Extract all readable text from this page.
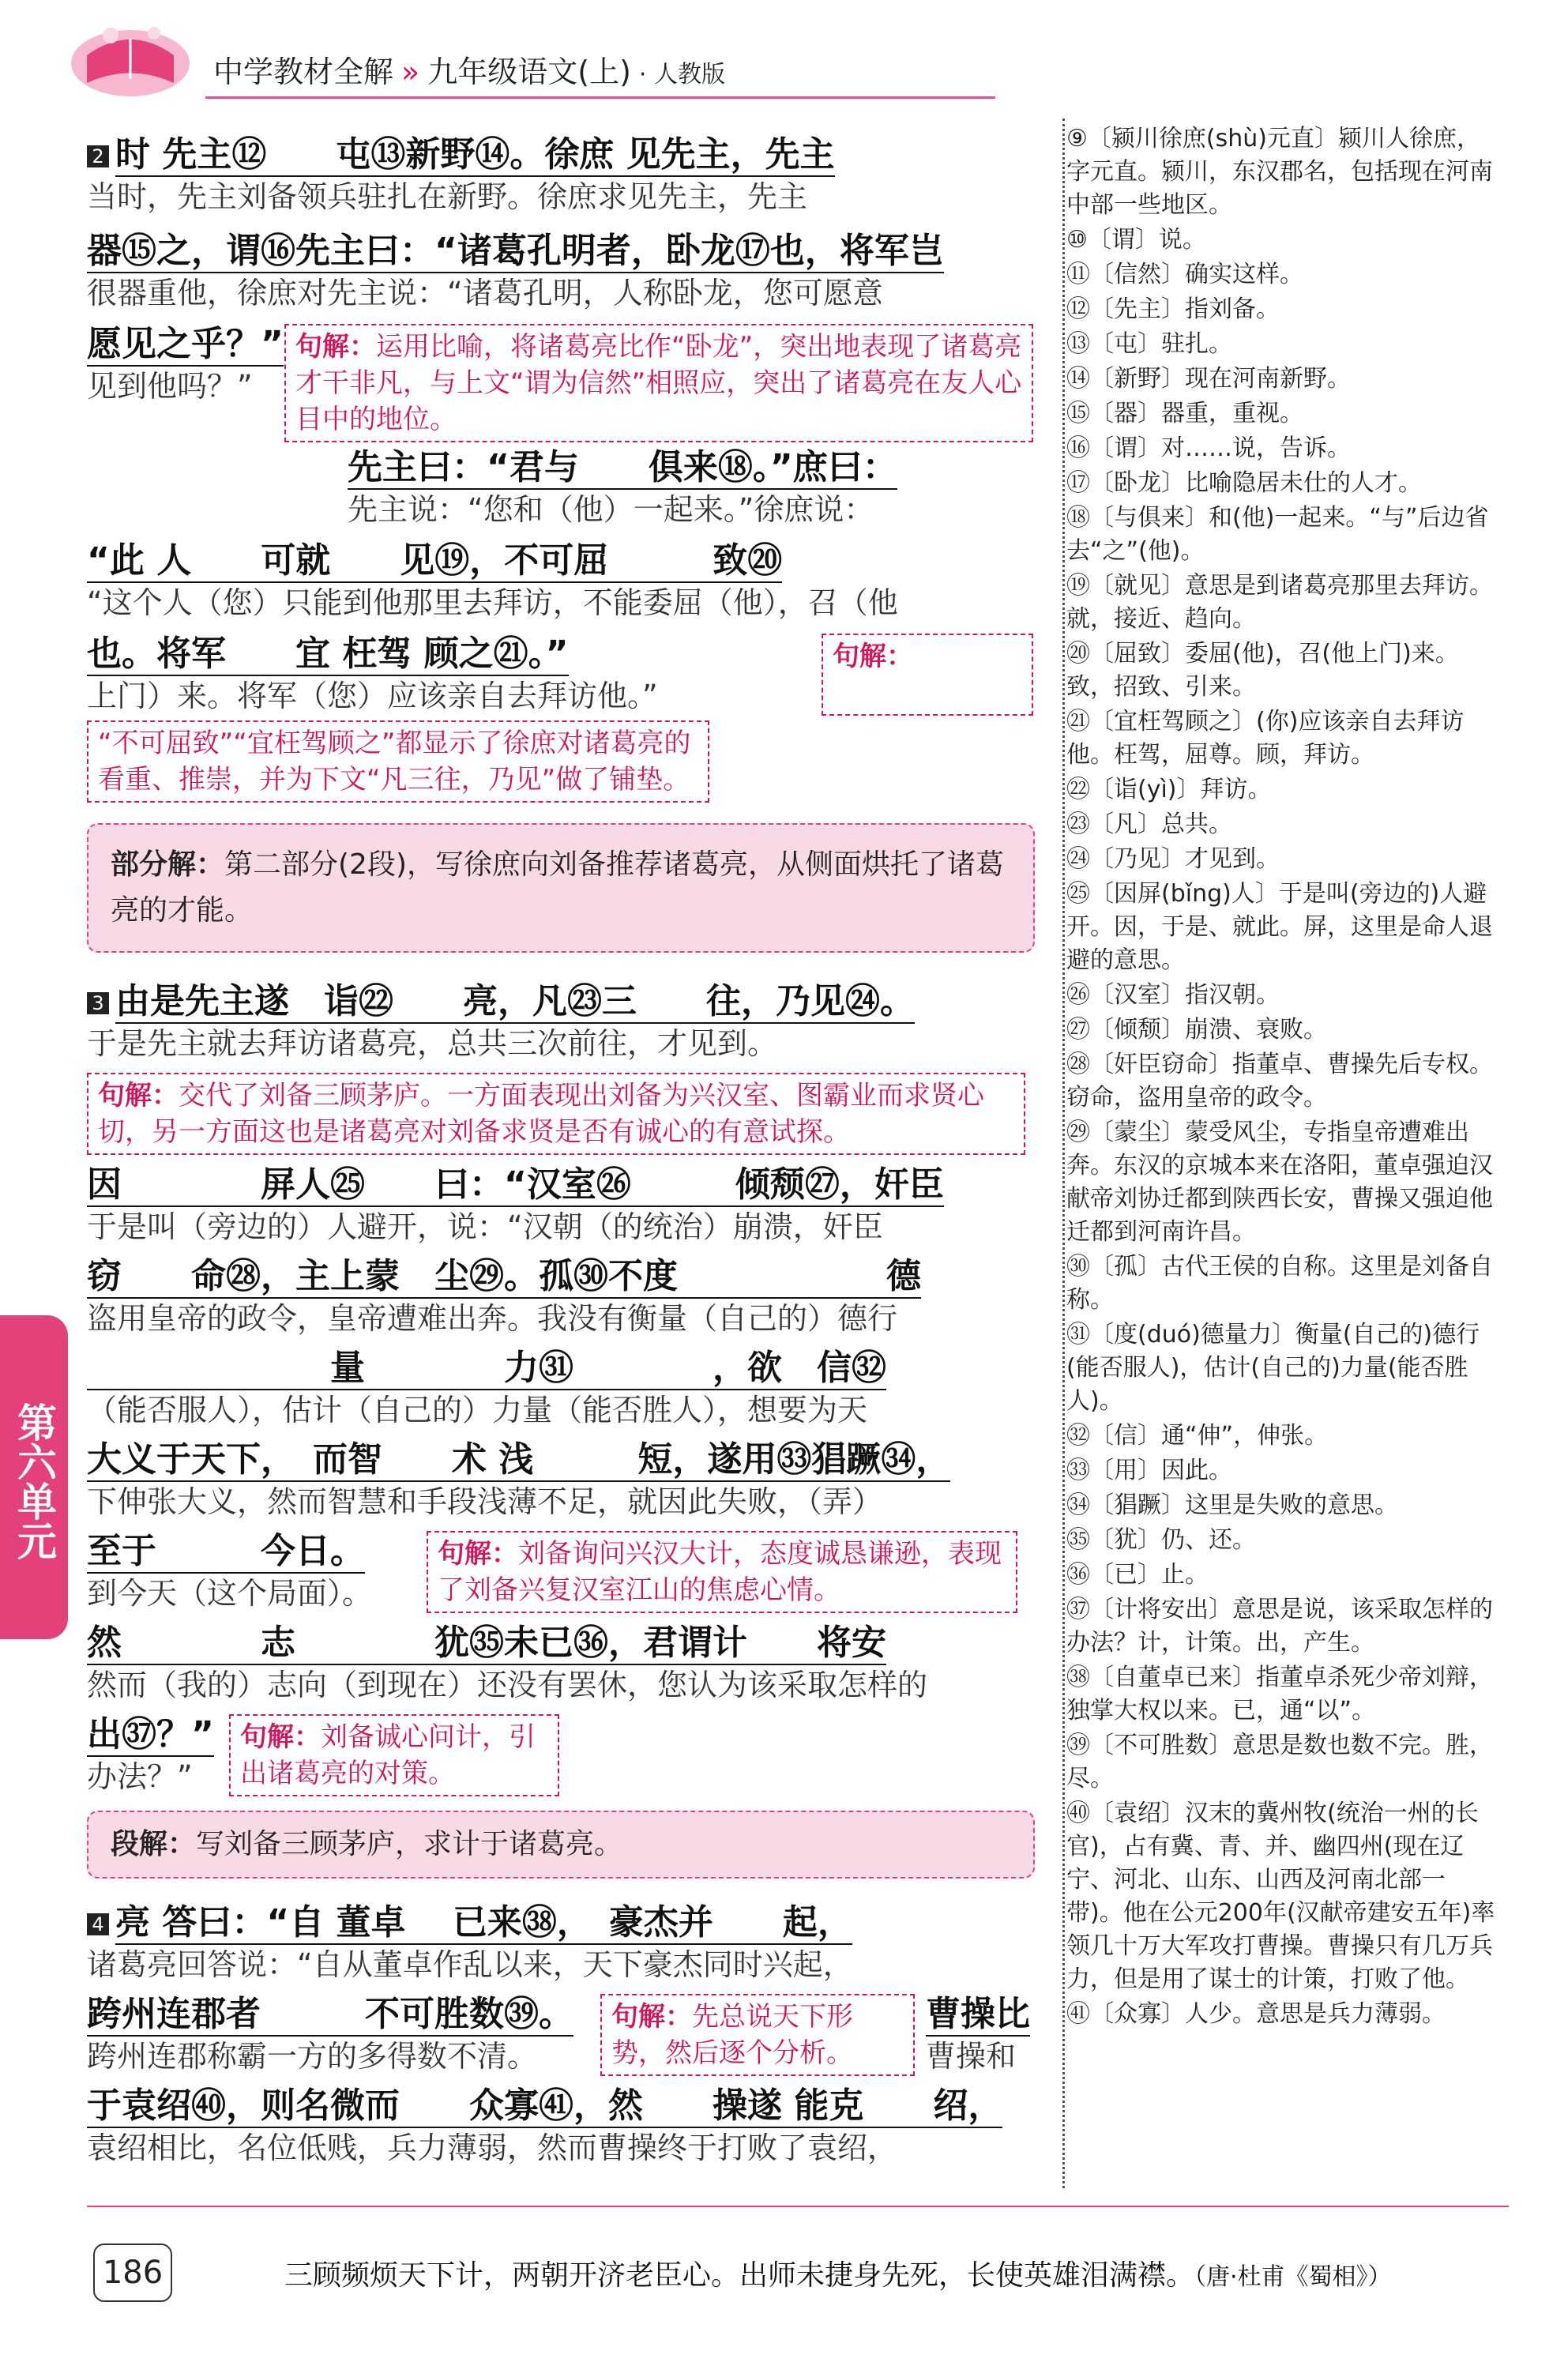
中学教材全解 » 九年级语文(上) · 人教版
第六单元
2 时 先主⑫　　屯⑬新野⑭。徐庶 见先主，先主
当时，先主刘备领兵驻扎在新野。徐庶求见先主，先主
器⑮之，谓⑯先主曰：“诸葛孔明者，卧龙⑰也，将军岂
很器重他，徐庶对先主说：“诸葛孔明，人称卧龙，您可愿意
愿见之乎？”
见到他吗？”
句解：运用比喻，将诸葛亮比作“卧龙”，突出地表现了诸葛亮才干非凡，与上文“谓为信然”相照应，突出了诸葛亮在友人心目中的地位。
先主曰：“君与　　俱来⑱。”庶曰：
先主说：“您和（他）一起来。”徐庶说：
“此 人　　可就　　见⑲，不可屈　　　致⑳
“这个人（您）只能到他那里去拜访，不能委屈（他），召（他
也。将军　　宜 枉驾 顾之㉑。”
上门）来。将军（您）应该亲自去拜访他。”
句解：
“不可屈致”“宜枉驾顾之”都显示了徐庶对诸葛亮的看重、推崇，并为下文“凡三往，乃见”做了铺垫。
部分解：第二部分(2段)，写徐庶向刘备推荐诸葛亮，从侧面烘托了诸葛亮的才能。
3 由是先主遂　诣㉒　　亮，凡㉓三　　往，乃见㉔。
于是先主就去拜访诸葛亮，总共三次前往，才见到。
句解：交代了刘备三顾茅庐。一方面表现出刘备为兴汉室、图霸业而求贤心切，另一方面这也是诸葛亮对刘备求贤是否有诚心的有意试探。
因　　　　屏人㉕　　曰：“汉室㉖　　　倾颓㉗，奸臣
于是叫（旁边的）人避开，说：“汉朝（的统治）崩溃，奸臣
窃　　命㉘，主上蒙　尘㉙。孤㉚不度　　　　　　德
盗用皇帝的政令，皇帝遭难出奔。我没有衡量（自己的）德行
　　　　　　　量　　　　力㉛　　　　，欲　信㉜
（能否服人），估计（自己的）力量（能否胜人），想要为天
大义于天下，　而智　　术 浅　　　短，遂用㉝猖蹶㉞，
下伸张大义，然而智慧和手段浅薄不足，就因此失败，（弄）
至于　　　今日。
到今天（这个局面）。
句解：刘备询问兴汉大计，态度诚恳谦逊，表现了刘备兴复汉室江山的焦虑心情。
然　　　　志　　　　犹㉟未已㊱，君谓计　　将安
然而（我的）志向（到现在）还没有罢休，您认为该采取怎样的
出㊲？”
办法？”
句解：刘备诚心问计，引出诸葛亮的对策。
段解：写刘备三顾茅庐，求计于诸葛亮。
4 亮 答曰：“自 董卓　 已来㊳，　豪杰并　　起，
诸葛亮回答说：“自从董卓作乱以来，天下豪杰同时兴起，
跨州连郡者　　　不可胜数㊴。
跨州连郡称霸一方的多得数不清。
句解：先总说天下形势，然后逐个分析。
曹操比
曹操和
于袁绍㊵，则名微而　　众寡㊶，然　　操遂 能克　　绍，
袁绍相比，名位低贱，兵力薄弱，然而曹操终于打败了袁绍，
⑨〔颍川徐庶(shù)元直〕颍川人徐庶，字元直。颍川，东汉郡名，包括现在河南中部一些地区。
⑩〔谓〕说。
⑪〔信然〕确实这样。
⑫〔先主〕指刘备。
⑬〔屯〕驻扎。
⑭〔新野〕现在河南新野。
⑮〔器〕器重，重视。
⑯〔谓〕对……说，告诉。
⑰〔卧龙〕比喻隐居未仕的人才。
⑱〔与俱来〕和(他)一起来。“与”后边省去“之”(他)。
⑲〔就见〕意思是到诸葛亮那里去拜访。就，接近、趋向。
⑳〔屈致〕委屈(他)，召(他上门)来。致，招致、引来。
㉑〔宜枉驾顾之〕(你)应该亲自去拜访他。枉驾，屈尊。顾，拜访。
㉒〔诣(yì)〕拜访。
㉓〔凡〕总共。
㉔〔乃见〕才见到。
㉕〔因屏(bǐng)人〕于是叫(旁边的)人避开。因，于是、就此。屏，这里是命人退避的意思。
㉖〔汉室〕指汉朝。
㉗〔倾颓〕崩溃、衰败。
㉘〔奸臣窃命〕指董卓、曹操先后专权。窃命，盗用皇帝的政令。
㉙〔蒙尘〕蒙受风尘，专指皇帝遭难出奔。东汉的京城本来在洛阳，董卓强迫汉献帝刘协迁都到陕西长安，曹操又强迫他迁都到河南许昌。
㉚〔孤〕古代王侯的自称。这里是刘备自称。
㉛〔度(duó)德量力〕衡量(自己的)德行(能否服人)，估计(自己的)力量(能否胜人)。
㉜〔信〕通“伸”，伸张。
㉝〔用〕因此。
㉞〔猖蹶〕这里是失败的意思。
㉟〔犹〕仍、还。
㊱〔已〕止。
㊲〔计将安出〕意思是说，该采取怎样的办法？计，计策。出，产生。
㊳〔自董卓已来〕指董卓杀死少帝刘辩，独掌大权以来。已，通“以”。
㊴〔不可胜数〕意思是数也数不完。胜，尽。
㊵〔袁绍〕汉末的冀州牧(统治一州的长官)，占有冀、青、并、幽四州(现在辽宁、河北、山东、山西及河南北部一带)。他在公元200年(汉献帝建安五年)率领几十万大军攻打曹操。曹操只有几万兵力，但是用了谋士的计策，打败了他。
㊶〔众寡〕人少。意思是兵力薄弱。
186	三顾频烦天下计，两朝开济老臣心。出师未捷身先死，长使英雄泪满襟。（唐·杜甫《蜀相》）
